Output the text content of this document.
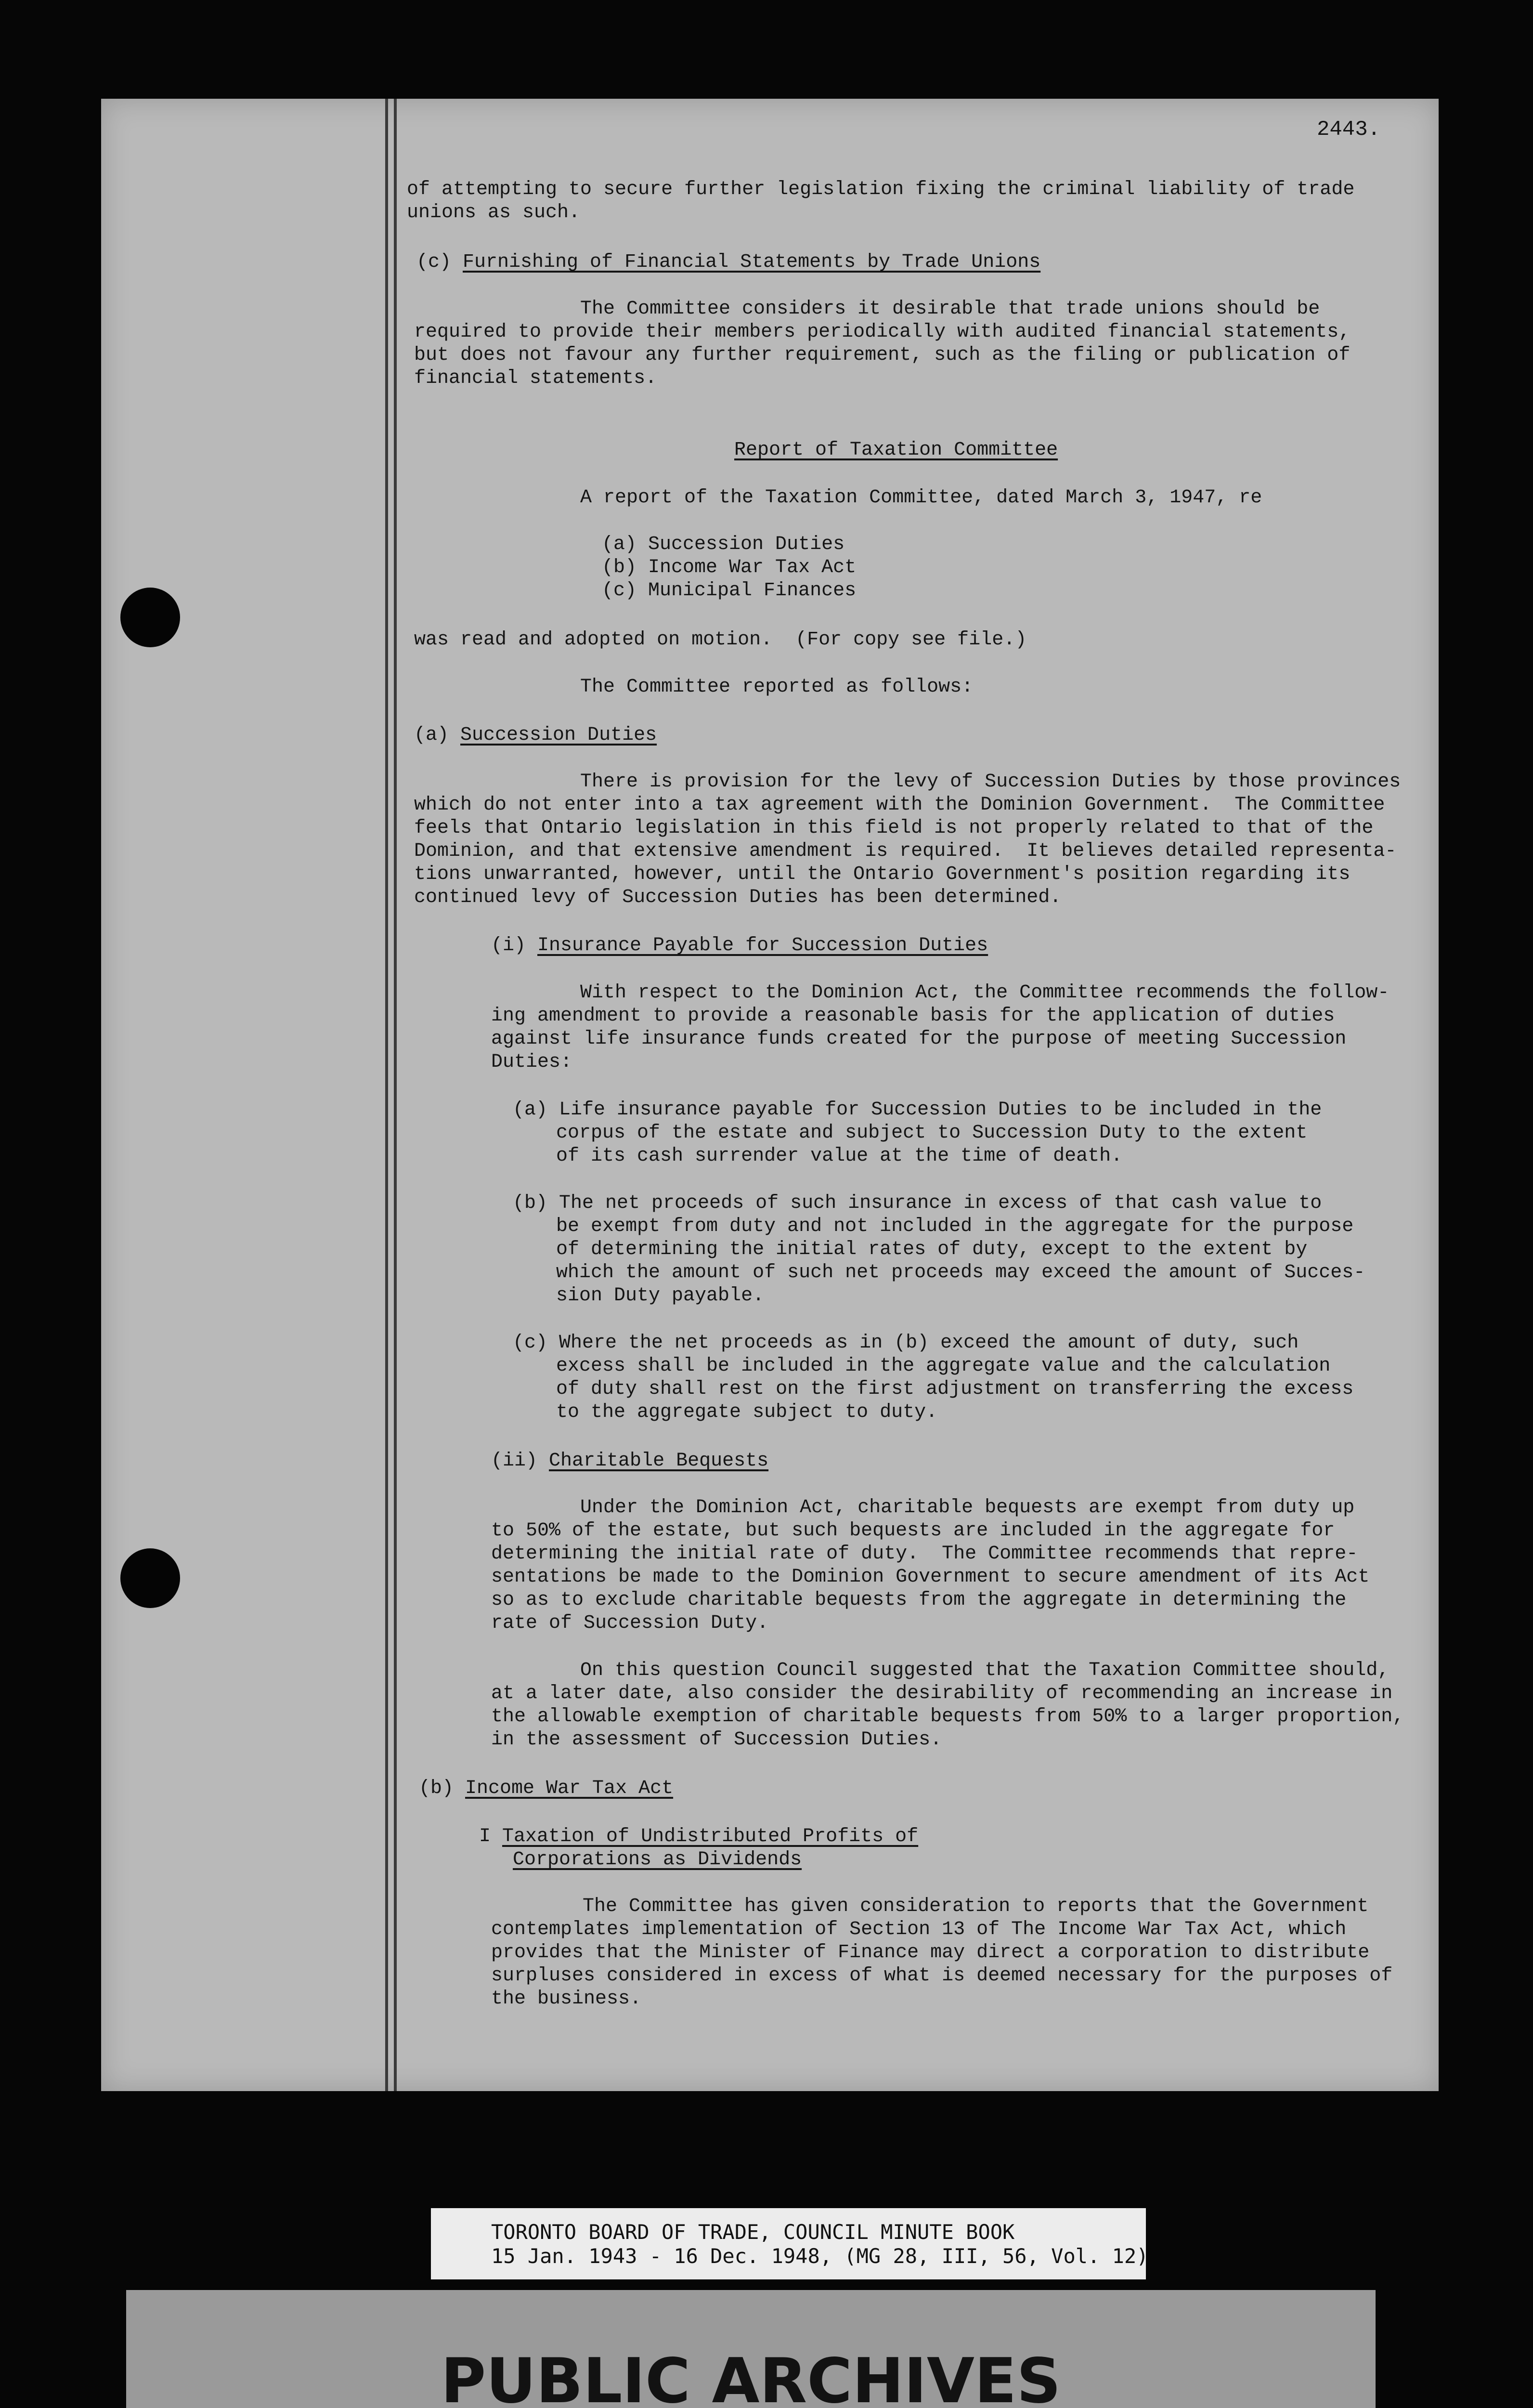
2443.

of attempting to secure further legislation fixing the criminal liability of trade

unions as such.

(c) Furnishing of Financial Statements by Trade Unions

The Committee considers it desirable that trade unions should be

required to provide their members periodically with audited financial statements,

but does not favour any further requirement, such as the filing or publication of

financial statements.

Report of Taxation Committee

A report of the Taxation Committee, dated March 3, 1947, re

(a) Succession Duties

(b) Income War Tax Act

(c) Municipal Finances

was read and adopted on motion.  (For copy see file.)

The Committee reported as follows:

(a) Succession Duties

There is provision for the levy of Succession Duties by those provinces

which do not enter into a tax agreement with the Dominion Government.  The Committee

feels that Ontario legislation in this field is not properly related to that of the

Dominion, and that extensive amendment is required.  It believes detailed representa-

tions unwarranted, however, until the Ontario Government's position regarding its

continued levy of Succession Duties has been determined.

(i) Insurance Payable for Succession Duties

With respect to the Dominion Act, the Committee recommends the follow-

ing amendment to provide a reasonable basis for the application of duties

against life insurance funds created for the purpose of meeting Succession

Duties:

(a) Life insurance payable for Succession Duties to be included in the

corpus of the estate and subject to Succession Duty to the extent

of its cash surrender value at the time of death.

(b) The net proceeds of such insurance in excess of that cash value to

be exempt from duty and not included in the aggregate for the purpose

of determining the initial rates of duty, except to the extent by

which the amount of such net proceeds may exceed the amount of Succes-

sion Duty payable.

(c) Where the net proceeds as in (b) exceed the amount of duty, such

excess shall be included in the aggregate value and the calculation

of duty shall rest on the first adjustment on transferring the excess

to the aggregate subject to duty.

(ii) Charitable Bequests

Under the Dominion Act, charitable bequests are exempt from duty up

to 50% of the estate, but such bequests are included in the aggregate for

determining the initial rate of duty.  The Committee recommends that repre-

sentations be made to the Dominion Government to secure amendment of its Act

so as to exclude charitable bequests from the aggregate in determining the

rate of Succession Duty.

On this question Council suggested that the Taxation Committee should,

at a later date, also consider the desirability of recommending an increase in

the allowable exemption of charitable bequests from 50% to a larger proportion,

in the assessment of Succession Duties.

(b) Income War Tax Act

I Taxation of Undistributed Profits of

Corporations as Dividends

The Committee has given consideration to reports that the Government

contemplates implementation of Section 13 of The Income War Tax Act, which

provides that the Minister of Finance may direct a corporation to distribute

surpluses considered in excess of what is deemed necessary for the purposes of

the business.

TORONTO BOARD OF TRADE, COUNCIL MINUTE BOOK
15 Jan. 1943 - 16 Dec. 1948, (MG 28, III, 56, Vol. 12)
PUBLIC ARCHIVES
